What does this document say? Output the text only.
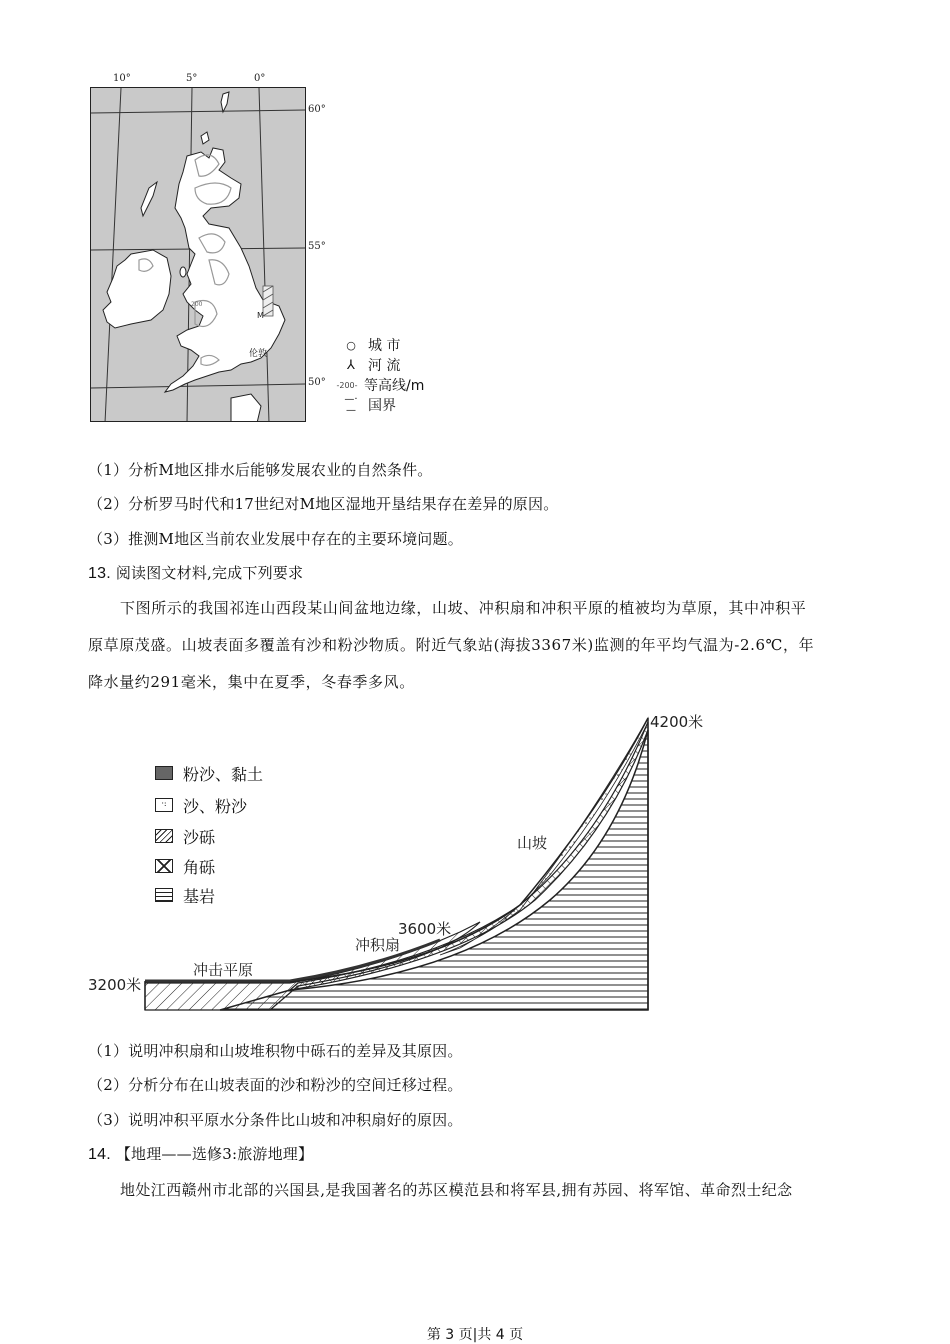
10°	5°	0°
60°
55°
50°
M
200
伦敦
○ 城 市
⅄ 河 流
-200- 等高线/m
—·— 国界
（1）分析M地区排水后能够发展农业的自然条件。
（2）分析罗马时代和17世纪对M地区湿地开垦结果存在差异的原因。
（3）推测M地区当前农业发展中存在的主要环境问题。
13. 阅读图文材料,完成下列要求
下图所示的我国祁连山西段某山间盆地边缘，山坡、冲积扇和冲积平原的植被均为草原，其中冲积平
原草原茂盛。山坡表面多覆盖有沙和粉沙物质。附近气象站(海拔3367米)监测的年平均气温为-2.6℃，年
降水量约291毫米，集中在夏季，冬春季多风。
粉沙、黏土
·:	沙、粉沙
沙砾
角砾
基岩
4200米
3600米
3200米
山坡
冲积扇
冲击平原
（1）说明冲积扇和山坡堆积物中砾石的差异及其原因。
（2）分析分布在山坡表面的沙和粉沙的空间迁移过程。
（3）说明冲积平原水分条件比山坡和冲积扇好的原因。
14. 【地理——选修3:旅游地理】
地处江西赣州市北部的兴国县,是我国著名的苏区模范县和将军县,拥有苏园、将军馆、革命烈士纪念
第 3 页|共 4 页
